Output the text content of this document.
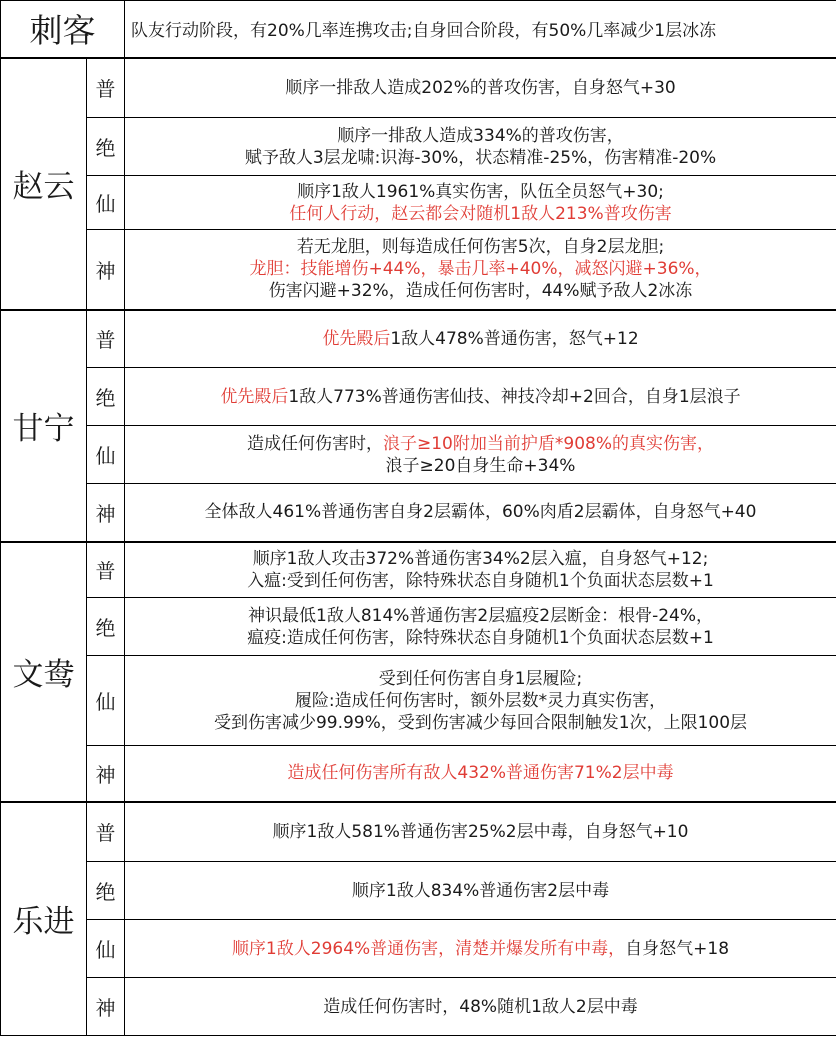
刺客		队友行动阶段，有20%几率连携攻击;自身回合阶段，有50%几率减少1层冰冻
赵云	普	顺序一排敌人造成202%的普攻伤害，自身怒气+30

	绝	顺序一排敌人造成334%的普攻伤害，
赋予敌人3层龙啸:识海-30%，状态精准-25%，伤害精准-20%

	仙	顺序1敌人1961%真实伤害，队伍全员怒气+30;
任何人行动，赵云都会对随机1敌人213%普攻伤害

	神	若无龙胆，则每造成任何伤害5次，自身2层龙胆;
龙胆：技能增伤+44%，暴击几率+40%，减怒闪避+36%，
伤害闪避+32%，造成任何伤害时，44%赋予敌人2冰冻

甘宁	普	优先殿后1敌人478%普通伤害，怒气+12

	绝	优先殿后1敌人773%普通伤害仙技、神技冷却+2回合，自身1层浪子

	仙	造成任何伤害时，浪子≥10附加当前护盾*908%的真实伤害，
浪子≥20自身生命+34%

	神	全体敌人461%普通伤害自身2层霸体，60%肉盾2层霸体，自身怒气+40

文鸯	普	顺序1敌人攻击372%普通伤害34%2层入瘟，自身怒气+12;
入瘟:受到任何伤害，除特殊状态自身随机1个负面状态层数+1

	绝	神识最低1敌人814%普通伤害2层瘟疫2层断金：根骨-24%，
瘟疫:造成任何伤害，除特殊状态自身随机1个负面状态层数+1

	仙	受到任何伤害自身1层履险;
履险:造成任何伤害时，额外层数*灵力真实伤害，
受到伤害减少99.99%，受到伤害减少每回合限制触发1次，上限100层

	神	造成任何伤害所有敌人432%普通伤害71%2层中毒

乐进	普	顺序1敌人581%普通伤害25%2层中毒，自身怒气+10

	绝	顺序1敌人834%普通伤害2层中毒

	仙	顺序1敌人2964%普通伤害，清楚并爆发所有中毒，自身怒气+18

	神	造成任何伤害时，48%随机1敌人2层中毒
